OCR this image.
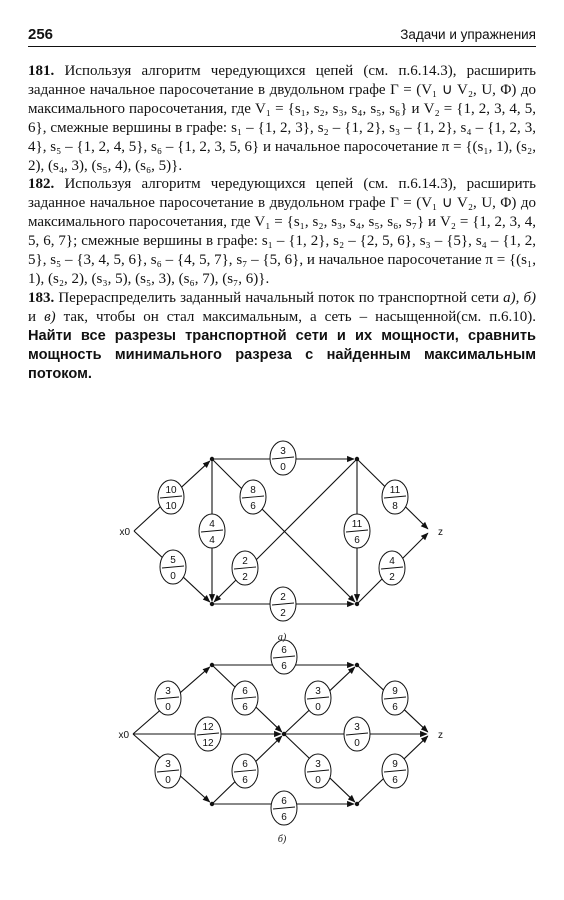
256	Задачи и упражнения

181. Используя алгоритм чередующихся цепей (см. п.6.14.3), расширить заданное начальное паросочетание в двудольном графе Γ = (V₁ ∪ V₂, U, Φ) до максимального паросочетания, где V₁ = {s₁, s₂, s₃, s₄, s₅, s₆} и V₂ = {1, 2, 3, 4, 5, 6}, смежные вершины в графе: s₁ – {1, 2, 3}, s₂ – {1, 2}, s₃ – {1, 2}, s₄ – {1, 2, 3, 4}, s₅ – {1, 2, 4, 5}, s₆ – {1, 2, 3, 5, 6} и начальное паросочетание π = {(s₁, 1), (s₂, 2), (s₄, 3), (s₅, 4), (s₆, 5)}.

182. Используя алгоритм чередующихся цепей (см. п.6.14.3), расширить заданное начальное паросочетание в двудольном графе Γ = (V₁ ∪ V₂, U, Φ) до максимального паросочетания, где V₁ = {s₁, s₂, s₃, s₄, s₅, s₆, s₇} и V₂ = {1, 2, 3, 4, 5, 6, 7}; смежные вершины в графе: s₁ – {1, 2}, s₂ – {2, 5, 6}, s₃ – {5}, s₄ – {1, 2, 5}, s₅ – {3, 4, 5, 6}, s₆ – {4, 5, 7}, s₇ – {5, 6}, и начальное паросочетание π = {(s₁, 1), (s₂, 2), (s₃, 5), (s₅, 3), (s₆, 7), (s₇, 6)}.

183. Перераспределить заданный начальный поток по транспортной сети а), б) и в) так, чтобы он стал максимальным, а сеть – насыщенной(см. п.6.10). Найти все разрезы транспортной сети и их мощности, сравнить мощность минимального разреза с найденным максимальным потоком.

10
10
5
0
3
0
4
4
8
6
2
2
2
2
11
6
11
8
4
2
x0	z
3
0
12
12
3
0
6
6
6
6
6
6
6
6
3
0
3
0
3
0
9
6
9
6
x0	z
а)
б)
